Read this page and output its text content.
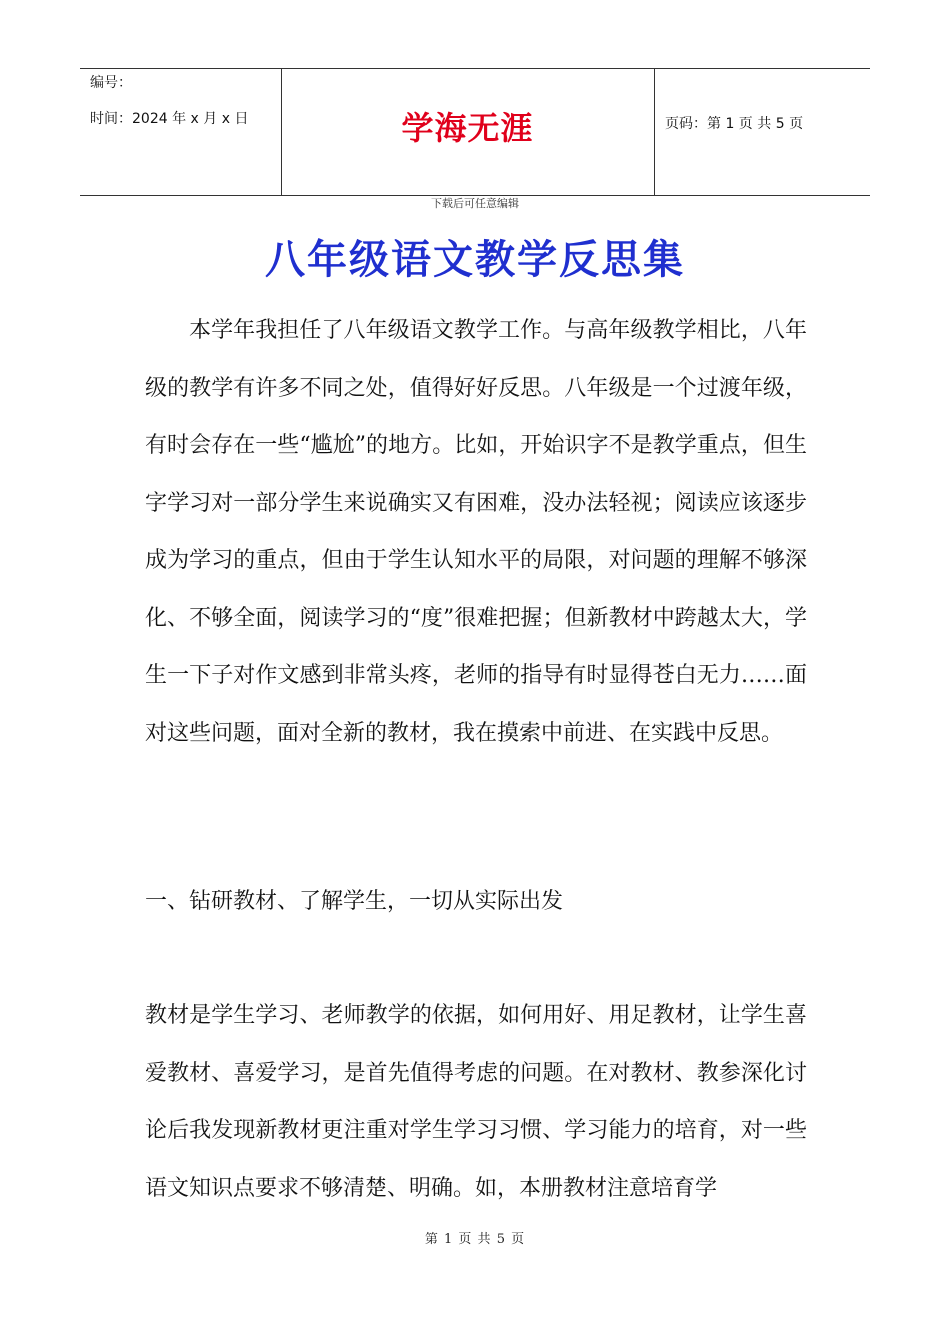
编号：
时间：2024 年 x 月 x 日	学海无涯	页码：第 1 页 共 5 页
下载后可任意编辑
八年级语文教学反思集

本学年我担任了八年级语文教学工作。与高年级教学相比，八年级的教学有许多不同之处，值得好好反思。八年级是一个过渡年级，有时会存在一些“尴尬”的地方。比如，开始识字不是教学重点，但生字学习对一部分学生来说确实又有困难，没办法轻视；阅读应该逐步成为学习的重点，但由于学生认知水平的局限，对问题的理解不够深化、不够全面，阅读学习的“度”很难把握；但新教材中跨越太大，学生一下子对作文感到非常头疼，老师的指导有时显得苍白无力……面对这些问题，面对全新的教材，我在摸索中前进、在实践中反思。

一、钻研教材、了解学生，一切从实际出发

教材是学生学习、老师教学的依据，如何用好、用足教材，让学生喜爱教材、喜爱学习，是首先值得考虑的问题。在对教材、教参深化讨论后我发现新教材更注重对学生学习习惯、学习能力的培育，对一些语文知识点要求不够清楚、明确。如，本册教材注意培育学

第 1 页 共 5 页
